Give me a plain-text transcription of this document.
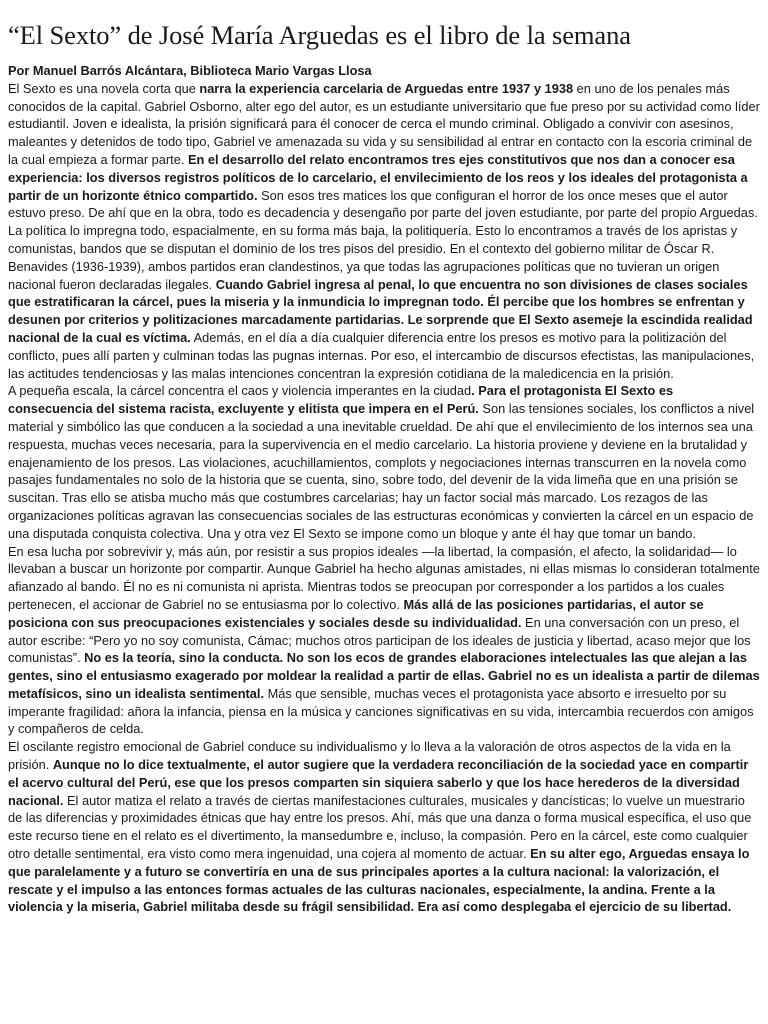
“El Sexto” de José María Arguedas es el libro de la semana

Por Manuel Barrós Alcántara, Biblioteca Mario Vargas Llosa

El Sexto es una novela corta que narra la experiencia carcelaria de Arguedas entre 1937 y 1938 en uno de los penales más conocidos de la capital. Gabriel Osborno, alter ego del autor, es un estudiante universitario que fue preso por su actividad como líder estudiantil. Joven e idealista, la prisión significará para él conocer de cerca el mundo criminal. Obligado a convivir con asesinos, maleantes y detenidos de todo tipo, Gabriel ve amenazada su vida y su sensibilidad al entrar en contacto con la escoria criminal de la cual empieza a formar parte. En el desarrollo del relato encontramos tres ejes constitutivos que nos dan a conocer esa experiencia: los diversos registros políticos de lo carcelario, el envilecimiento de los reos y los ideales del protagonista a partir de un horizonte étnico compartido. Son esos tres matices los que configuran el horror de los once meses que el autor estuvo preso. De ahí que en la obra, todo es decadencia y desengaño por parte del joven estudiante, por parte del propio Arguedas.

La política lo impregna todo, espacialmente, en su forma más baja, la politiquería. Esto lo encontramos a través de los apristas y comunistas, bandos que se disputan el dominio de los tres pisos del presidio. En el contexto del gobierno militar de Óscar R. Benavides (1936-1939), ambos partidos eran clandestinos, ya que todas las agrupaciones políticas que no tuvieran un origen nacional fueron declaradas ilegales. Cuando Gabriel ingresa al penal, lo que encuentra no son divisiones de clases sociales que estratificaran la cárcel, pues la miseria y la inmundicia lo impregnan todo. Él percibe que los hombres se enfrentan y desunen por criterios y politizaciones marcadamente partidarias. Le sorprende que El Sexto asemeje la escindida realidad nacional de la cual es víctima. Además, en el día a día cualquier diferencia entre los presos es motivo para la politización del conflicto, pues allí parten y culminan todas las pugnas internas. Por eso, el intercambio de discursos efectistas, las manipulaciones, las actitudes tendenciosas y las malas intenciones concentran la expresión cotidiana de la maledicencia en la prisión.

A pequeña escala, la cárcel concentra el caos y violencia imperantes en la ciudad. Para el protagonista El Sexto es consecuencia del sistema racista, excluyente y elitista que impera en el Perú. Son las tensiones sociales, los conflictos a nivel material y simbólico las que conducen a la sociedad a una inevitable crueldad. De ahí que el envilecimiento de los internos sea una respuesta, muchas veces necesaria, para la supervivencia en el medio carcelario. La historia proviene y deviene en la brutalidad y enajenamiento de los presos. Las violaciones, acuchillamientos, complots y negociaciones internas transcurren en la novela como pasajes fundamentales no solo de la historia que se cuenta, sino, sobre todo, del devenir de la vida limeña que en una prisión se suscitan. Tras ello se atisba mucho más que costumbres carcelarias; hay un factor social más marcado. Los rezagos de las organizaciones políticas agravan las consecuencias sociales de las estructuras económicas y convierten la cárcel en un espacio de una disputada conquista colectiva. Una y otra vez El Sexto se impone como un bloque y ante él hay que tomar un bando.

En esa lucha por sobrevivir y, más aún, por resistir a sus propios ideales —la libertad, la compasión, el afecto, la solidaridad— lo llevaban a buscar un horizonte por compartir. Aunque Gabriel ha hecho algunas amistades, ni ellas mismas lo consideran totalmente afianzado al bando. Él no es ni comunista ni aprista. Mientras todos se preocupan por corresponder a los partidos a los cuales pertenecen, el accionar de Gabriel no se entusiasma por lo colectivo. Más allá de las posiciones partidarias, el autor se posiciona con sus preocupaciones existenciales y sociales desde su individualidad. En una conversación con un preso, el autor escribe: “Pero yo no soy comunista, Cámac; muchos otros participan de los ideales de justicia y libertad, acaso mejor que los comunistas”. No es la teoría, sino la conducta. No son los ecos de grandes elaboraciones intelectuales las que alejan a las gentes, sino el entusiasmo exagerado por moldear la realidad a partir de ellas. Gabriel no es un idealista a partir de dilemas metafísicos, sino un idealista sentimental. Más que sensible, muchas veces el protagonista yace absorto e irresuelto por su imperante fragilidad: añora la infancia, piensa en la música y canciones significativas en su vida, intercambia recuerdos con amigos y compañeros de celda.

El oscilante registro emocional de Gabriel conduce su individualismo y lo lleva a la valoración de otros aspectos de la vida en la prisión. Aunque no lo dice textualmente, el autor sugiere que la verdadera reconciliación de la sociedad yace en compartir el acervo cultural del Perú, ese que los presos comparten sin siquiera saberlo y que los hace herederos de la diversidad nacional. El autor matiza el relato a través de ciertas manifestaciones culturales, musicales y dancísticas; lo vuelve un muestrario de las diferencias y proximidades étnicas que hay entre los presos. Ahí, más que una danza o forma musical específica, el uso que este recurso tiene en el relato es el divertimento, la mansedumbre e, incluso, la compasión. Pero en la cárcel, este como cualquier otro detalle sentimental, era visto como mera ingenuidad, una cojera al momento de actuar. En su alter ego, Arguedas ensaya lo que paralelamente y a futuro se convertiría en una de sus principales aportes a la cultura nacional: la valorización, el rescate y el impulso a las entonces formas actuales de las culturas nacionales, especialmente, la andina. Frente a la violencia y la miseria, Gabriel militaba desde su frágil sensibilidad. Era así como desplegaba el ejercicio de su libertad.
